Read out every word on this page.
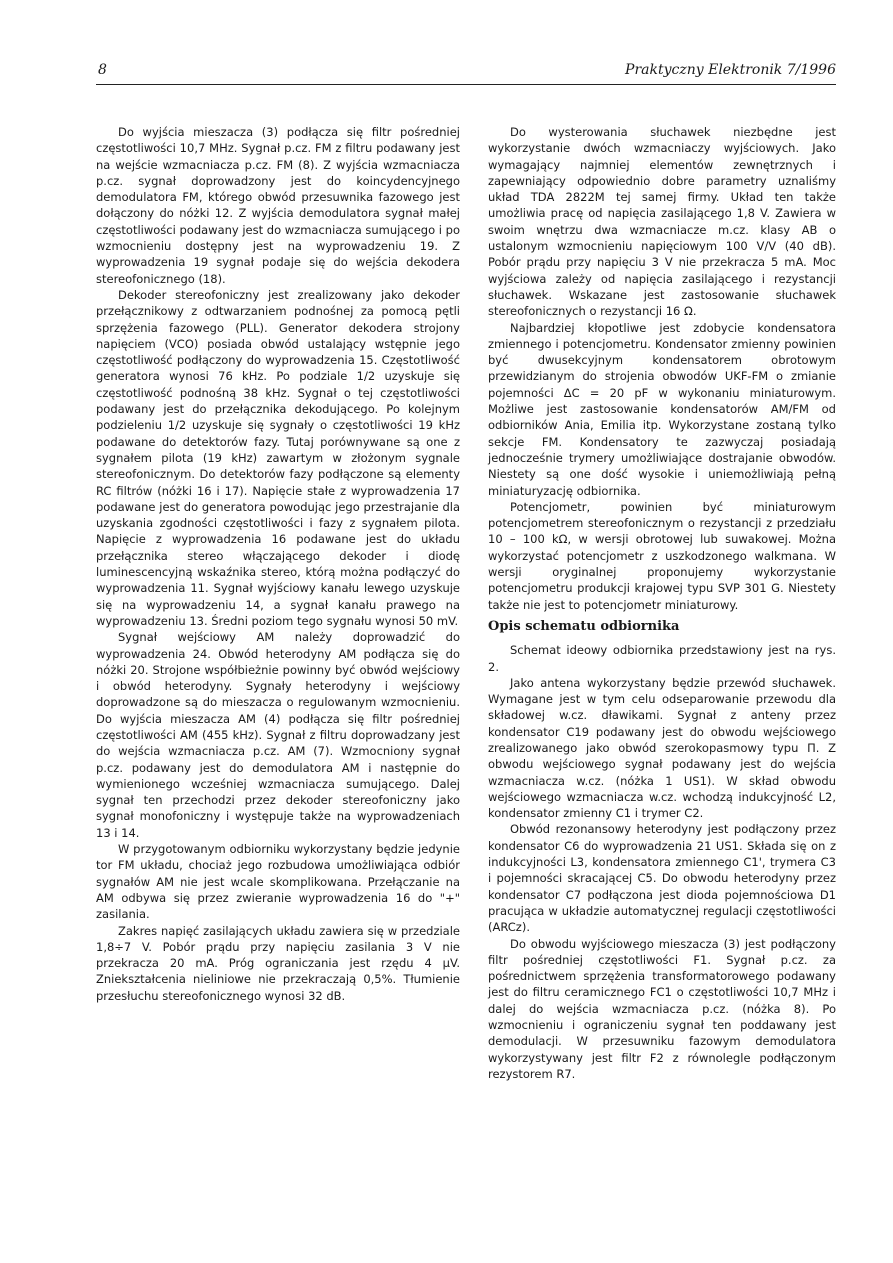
8	Praktyczny Elektronik 7/1996

Do wyjścia mieszacza (3) podłącza się filtr pośredniej częstotliwości 10,7 MHz. Sygnał p.cz. FM z filtru podawany jest na wejście wzmacniacza p.cz. FM (8). Z wyjścia wzmacniacza p.cz. sygnał doprowadzony jest do koincydencyjnego demodulatora FM, którego obwód przesuwnika fazowego jest dołączony do nóżki 12. Z wyjścia demodulatora sygnał małej częstotliwości podawany jest do wzmacniacza sumującego i po wzmocnieniu dostępny jest na wyprowadzeniu 19. Z wyprowadzenia 19 sygnał podaje się do wejścia dekodera stereofonicznego (18).

Dekoder stereofoniczny jest zrealizowany jako dekoder przełącznikowy z odtwarzaniem podnośnej za pomocą pętli sprzężenia fazowego (PLL). Generator dekodera strojony napięciem (VCO) posiada obwód ustalający wstępnie jego częstotliwość podłączony do wyprowadzenia 15. Częstotliwość generatora wynosi 76 kHz. Po podziale 1/2 uzyskuje się częstotliwość podnośną 38 kHz. Sygnał o tej częstotliwości podawany jest do przełącznika dekodującego. Po kolejnym podzieleniu 1/2 uzyskuje się sygnały o częstotliwości 19 kHz podawane do detektorów fazy. Tutaj porównywane są one z sygnałem pilota (19 kHz) zawartym w złożonym sygnale stereofonicznym. Do detektorów fazy podłączone są elementy RC filtrów (nóżki 16 i 17). Napięcie stałe z wyprowadzenia 17 podawane jest do generatora powodując jego przestrajanie dla uzyskania zgodności częstotliwości i fazy z sygnałem pilota. Napięcie z wyprowadzenia 16 podawane jest do układu przełącznika stereo włączającego dekoder i diodę luminescencyjną wskaźnika stereo, którą można podłączyć do wyprowadzenia 11. Sygnał wyjściowy kanału lewego uzyskuje się na wyprowadzeniu 14, a sygnał kanału prawego na wyprowadzeniu 13. Średni poziom tego sygnału wynosi 50 mV.

Sygnał wejściowy AM należy doprowadzić do wyprowadzenia 24. Obwód heterodyny AM podłącza się do nóżki 20. Strojone współbieżnie powinny być obwód wejściowy i obwód heterodyny. Sygnały heterodyny i wejściowy doprowadzone są do mieszacza o regulowanym wzmocnieniu. Do wyjścia mieszacza AM (4) podłącza się filtr pośredniej częstotliwości AM (455 kHz). Sygnał z filtru doprowadzany jest do wejścia wzmacniacza p.cz. AM (7). Wzmocniony sygnał p.cz. podawany jest do demodulatora AM i następnie do wymienionego wcześniej wzmacniacza sumującego. Dalej sygnał ten przechodzi przez dekoder stereofoniczny jako sygnał monofoniczny i występuje także na wyprowadzeniach 13 i 14.

W przygotowanym odbiorniku wykorzystany będzie jedynie tor FM układu, chociaż jego rozbudowa umożliwiająca odbiór sygnałów AM nie jest wcale skomplikowana. Przełączanie na AM odbywa się przez zwieranie wyprowadzenia 16 do "+" zasilania.

Zakres napięć zasilających układu zawiera się w przedziale 1,8÷7 V. Pobór prądu przy napięciu zasilania 3 V nie przekracza 20 mA. Próg ograniczania jest rzędu 4 μV. Zniekształcenia nieliniowe nie przekraczają 0,5%. Tłumienie przesłuchu stereofonicznego wynosi 32 dB.

Do wysterowania słuchawek niezbędne jest wykorzystanie dwóch wzmacniaczy wyjściowych. Jako wymagający najmniej elementów zewnętrznych i zapewniający odpowiednio dobre parametry uznaliśmy układ TDA 2822M tej samej firmy. Układ ten także umożliwia pracę od napięcia zasilającego 1,8 V. Zawiera w swoim wnętrzu dwa wzmacniacze m.cz. klasy AB o ustalonym wzmocnieniu napięciowym 100 V/V (40 dB). Pobór prądu przy napięciu 3 V nie przekracza 5 mA. Moc wyjściowa zależy od napięcia zasilającego i rezystancji słuchawek. Wskazane jest zastosowanie słuchawek stereofonicznych o rezystancji 16 Ω.

Najbardziej kłopotliwe jest zdobycie kondensatora zmiennego i potencjometru. Kondensator zmienny powinien być dwusekcyjnym kondensatorem obrotowym przewidzianym do strojenia obwodów UKF-FM o zmianie pojemności ΔC = 20 pF w wykonaniu miniaturowym. Możliwe jest zastosowanie kondensatorów AM/FM od odbiorników Ania, Emilia itp. Wykorzystane zostaną tylko sekcje FM. Kondensatory te zazwyczaj posiadają jednocześnie trymery umożliwiające dostrajanie obwodów. Niestety są one dość wysokie i uniemożliwiają pełną miniaturyzację odbiornika.

Potencjometr, powinien być miniaturowym potencjometrem stereofonicznym o rezystancji z przedziału 10 – 100 kΩ, w wersji obrotowej lub suwakowej. Można wykorzystać potencjometr z uszkodzonego walkmana. W wersji oryginalnej proponujemy wykorzystanie potencjometru produkcji krajowej typu SVP 301 G. Niestety także nie jest to potencjometr miniaturowy.

Opis schematu odbiornika

Schemat ideowy odbiornika przedstawiony jest na rys. 2.

Jako antena wykorzystany będzie przewód słuchawek. Wymagane jest w tym celu odseparowanie przewodu dla składowej w.cz. dławikami. Sygnał z anteny przez kondensator C19 podawany jest do obwodu wejściowego zrealizowanego jako obwód szerokopasmowy typu Π. Z obwodu wejściowego sygnał podawany jest do wejścia wzmacniacza w.cz. (nóżka 1 US1). W skład obwodu wejściowego wzmacniacza w.cz. wchodzą indukcyjność L2, kondensator zmienny C1 i trymer C2.

Obwód rezonansowy heterodyny jest podłączony przez kondensator C6 do wyprowadzenia 21 US1. Składa się on z indukcyjności L3, kondensatora zmiennego C1', trymera C3 i pojemności skracającej C5. Do obwodu heterodyny przez kondensator C7 podłączona jest dioda pojemnościowa D1 pracująca w układzie automatycznej regulacji częstotliwości (ARCz).

Do obwodu wyjściowego mieszacza (3) jest podłączony filtr pośredniej częstotliwości F1. Sygnał p.cz. za pośrednictwem sprzężenia transformatorowego podawany jest do filtru ceramicznego FC1 o częstotliwości 10,7 MHz i dalej do wejścia wzmacniacza p.cz. (nóżka 8). Po wzmocnieniu i ograniczeniu sygnał ten poddawany jest demodulacji. W przesuwniku fazowym demodulatora wykorzystywany jest filtr F2 z równolegle podłączonym rezystorem R7.
